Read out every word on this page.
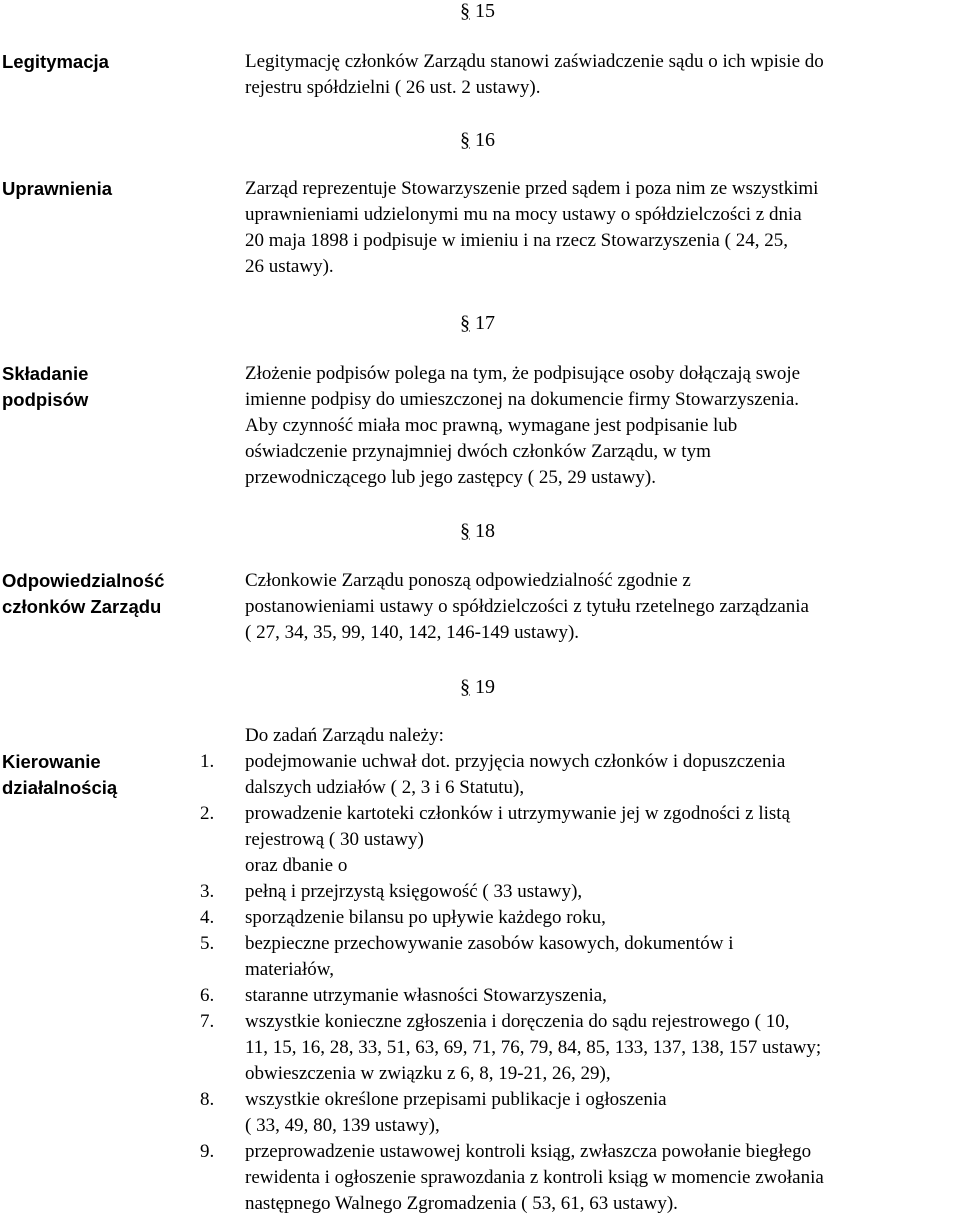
§ 15
Legitymacja	Legitymację członków Zarządu stanowi zaświadczenie sądu o ich wpisie do
rejestru spółdzielni ( 26 ust. 2 ustawy).
§ 16
Uprawnienia	Zarząd reprezentuje Stowarzyszenie przed sądem i poza nim ze wszystkimi
uprawnieniami udzielonymi mu na mocy ustawy o spółdzielczości z dnia
20 maja 1898 i podpisuje w imieniu i na rzecz Stowarzyszenia ( 24, 25,
26 ustawy).
§ 17
Składanie
podpisów
Złożenie podpisów polega na tym, że podpisujące osoby dołączają swoje
imienne podpisy do umieszczonej na dokumencie firmy Stowarzyszenia.
Aby czynność miała moc prawną, wymagane jest podpisanie lub
oświadczenie przynajmniej dwóch członków Zarządu, w tym
przewodniczącego lub jego zastępcy ( 25, 29 ustawy).
§ 18
Odpowiedzialność
członków Zarządu
Członkowie Zarządu ponoszą odpowiedzialność zgodnie z
postanowieniami ustawy o spółdzielczości z tytułu rzetelnego zarządzania
( 27, 34, 35, 99, 140, 142, 146-149 ustawy).
§ 19
Kierowanie
działalnością
Do zadań Zarządu należy:
1. podejmowanie uchwał dot. przyjęcia nowych członków i dopuszczenia
dalszych udziałów ( 2, 3 i 6 Statutu),
2. prowadzenie kartoteki członków i utrzymywanie jej w zgodności z listą
rejestrową ( 30 ustawy)
oraz dbanie o
3. pełną i przejrzystą księgowość ( 33 ustawy),
4. sporządzenie bilansu po upływie każdego roku,
5. bezpieczne przechowywanie zasobów kasowych, dokumentów i
materiałów,
6. staranne utrzymanie własności Stowarzyszenia,
7. wszystkie konieczne zgłoszenia i doręczenia do sądu rejestrowego ( 10,
11, 15, 16, 28, 33, 51, 63, 69, 71, 76, 79, 84, 85, 133, 137, 138, 157 ustawy;
obwieszczenia w związku z 6, 8, 19-21, 26, 29),
8. wszystkie określone przepisami publikacje i ogłoszenia
( 33, 49, 80, 139 ustawy),
9. przeprowadzenie ustawowej kontroli ksiąg, zwłaszcza powołanie biegłego
rewidenta i ogłoszenie sprawozdania z kontroli ksiąg w momencie zwołania
następnego Walnego Zgromadzenia ( 53, 61, 63 ustawy).
